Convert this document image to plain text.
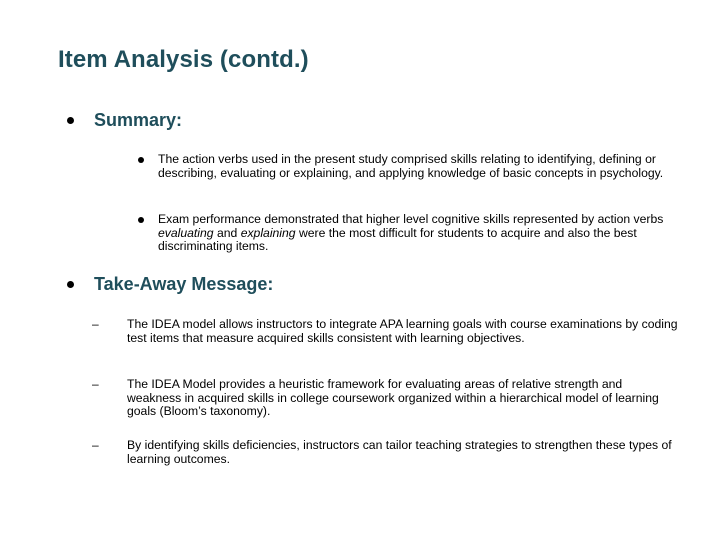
Item Analysis (contd.)

Summary:

The action verbs used in the present study comprised skills relating to identifying, defining or describing, evaluating or explaining, and applying knowledge of basic concepts in psychology.

Exam performance demonstrated that higher level cognitive skills represented by action verbs evaluating and explaining were the most difficult for students to acquire and also the best discriminating items.

Take-Away Message:

– The IDEA model allows instructors to integrate APA learning goals with course examinations by coding test items that measure acquired skills consistent with learning objectives.

– The IDEA Model provides a heuristic framework for evaluating areas of relative strength and weakness in acquired skills in college coursework organized within a hierarchical model of learning goals (Bloom’s taxonomy).

– By identifying skills deficiencies, instructors can tailor teaching strategies to strengthen these types of learning outcomes.
